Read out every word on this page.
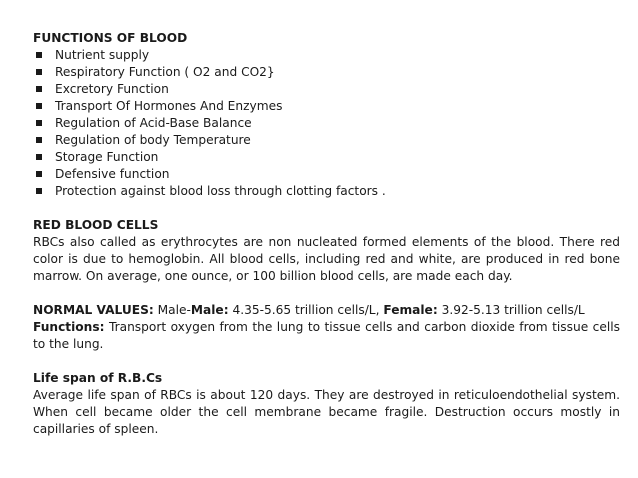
FUNCTIONS OF BLOOD

Nutrient supply
Respiratory Function ( O2 and CO2}
Excretory Function
Transport Of Hormones And Enzymes
Regulation of Acid-Base Balance
Regulation of body Temperature
Storage Function
Defensive function
Protection against blood loss through clotting factors .

RED BLOOD CELLS

RBCs also called as erythrocytes are non nucleated formed elements of the blood. There red color is due to hemoglobin. All blood cells, including red and white, are produced in red bone marrow. On average, one ounce, or 100 billion blood cells, are made each day.

NORMAL VALUES: Male-Male: 4.35-5.65 trillion cells/L, Female: 3.92-5.13 trillion cells/L

Functions: Transport oxygen from the lung to tissue cells and carbon dioxide from tissue cells to the lung.

Life span of R.B.Cs

Average life span of RBCs is about 120 days. They are destroyed in reticuloendothelial system. When cell became older the cell membrane became fragile. Destruction occurs mostly in capillaries of spleen.
